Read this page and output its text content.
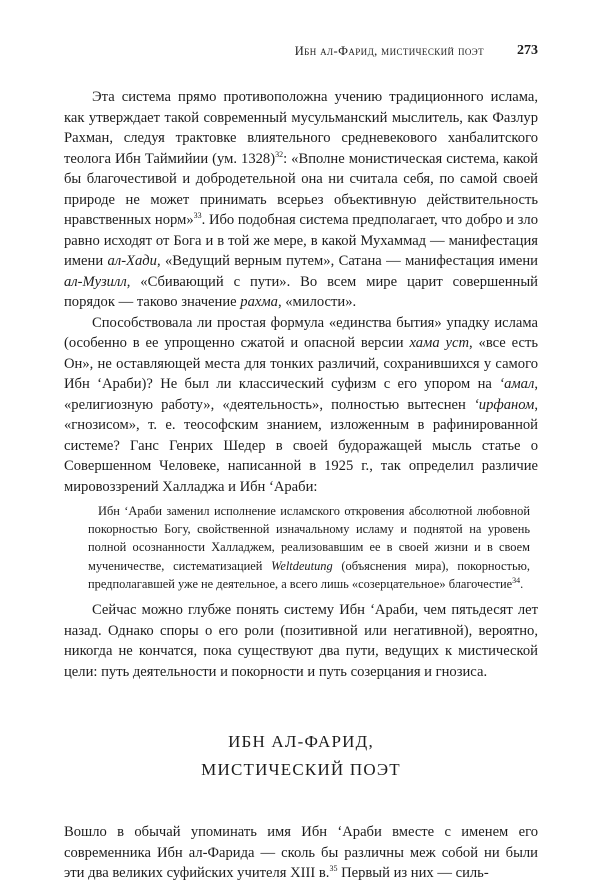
Ибн ал-Фарид, мистический поэт 273

Эта система прямо противоположна учению традиционного ислама, как утверждает такой современный мусульманский мыслитель, как Фазлур Рахман, следуя трактовке влиятельного средневекового ханбалитского теолога Ибн Таймийии (ум. 1328)$^{32}$: «Вполне монистическая система, какой бы благочестивой и добродетельной она ни считала себя, по самой своей природе не может принимать всерьез объективную действительность нравственных норм»$^{33}$. Ибо подобная система предполагает, что добро и зло равно исходят от Бога и в той же мере, в какой Мухаммад — манифестация имени ал-Хади, «Ведущий верным путем», Сатана — манифестация имени ал-Музилл, «Сбивающий с пути». Во всем мире царит совершенный порядок — таково значение рахма, «милости».

Способствовала ли простая формула «единства бытия» упадку ислама (особенно в ее упрощенно сжатой и опасной версии хама уст, «все есть Он», не оставляющей места для тонких различий, сохранившихся у самого Ибн ‘Араби)? Не был ли классический суфизм с его упором на ‘амал, «религиозную работу», «деятельность», полностью вытеснен ‘ирфаном, «гнозисом», т. е. теософским знанием, изложенным в рафинированной системе? Ганс Генрих Шедер в своей будоражащей мысль статье о Совершенном Человеке, написанной в 1925 г., так определил различие мировоззрений Халладжа и Ибн ‘Араби:

Ибн ‘Араби заменил исполнение исламского откровения абсолютной любовной покорностью Богу, свойственной изначальному исламу и поднятой на уровень полной осознанности Халладжем, реализовавшим ее в своей жизни и в своем мученичестве, систематизацией Weltdeutung (объяснения мира), покорностью, предполагавшей уже не деятельное, а всего лишь «созерцательное» благочестие$^{34}$.

Сейчас можно глубже понять систему Ибн ‘Араби, чем пятьдесят лет назад. Однако споры о его роли (позитивной или негативной), вероятно, никогда не кончатся, пока существуют два пути, ведущих к мистической цели: путь деятельности и покорности и путь созерцания и гнозиса.

ИБН АЛ-ФАРИД,
МИСТИЧЕСКИЙ ПОЭТ

Вошло в обычай упоминать имя Ибн ‘Араби вместе с именем его современника Ибн ал-Фарида — сколь бы различны меж собой ни были эти два великих суфийских учителя XIII в.$^{35}$ Первый из них — силь-
